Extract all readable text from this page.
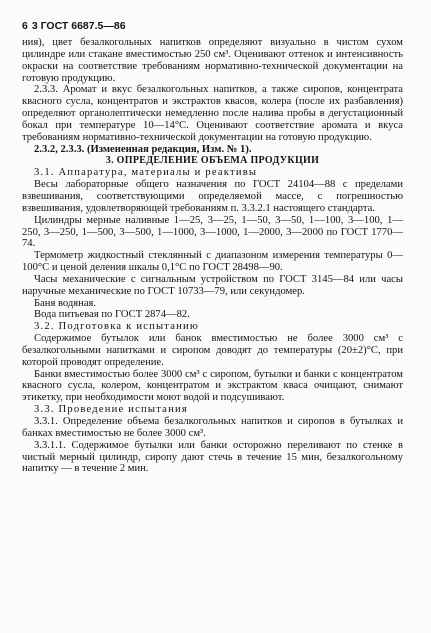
6 3 ГОСТ 6687.5—86

ния), цвет безалкогольных напитков определяют визуально в чистом сухом цилиндре или стакане вместимостью 250 см³. Оценивают оттенок и интенсивность окраски на соответствие требованиям нормативно-технической документации на готовую продукцию.

2.3.3. Аромат и вкус безалкогольных напитков, а также сиропов, концентрата квасного сусла, концентратов и экстрактов квасов, колера (после их разбавления) определяют органолептически немедленно после налива пробы в дегустационный бокал при температуре 10—14°С. Оценивают соответствие аромата и вкуса требованиям нормативно-технической документации на готовую продукцию.

2.3.2, 2.3.3. (Измененная редакция, Изм. № 1).

3. ОПРЕДЕЛЕНИЕ ОБЪЕМА ПРОДУКЦИИ

3.1. Аппаратура, материалы и реактивы

Весы лабораторные общего назначения по ГОСТ 24104—88 с пределами взвешивания, соответствующими определяемой массе, с погрешностью взвешивания, удовлетворяющей требованиям п. 3.3.2.1 настоящего стандарта.

Цилиндры мерные наливные 1—25, 3—25, 1—50, 3—50, 1—100, 3—100, 1—250, 3—250, 1—500, 3—500, 1—1000, 3—1000, 1—2000, 3—2000 по ГОСТ 1770—74.

Термометр жидкостный стеклянный с диапазоном измерения температуры 0—100°С и ценой деления шкалы 0,1°С по ГОСТ 28498—90.

Часы механические с сигнальным устройством по ГОСТ 3145—84 или часы наручные механические по ГОСТ 10733—79, или секундомер.

Баня водяная.

Вода питьевая по ГОСТ 2874—82.

3.2. Подготовка к испытанию

Содержимое бутылок или банок вместимостью не более 3000 см³ с безалкогольными напитками и сиропом доводят до температуры (20±2)°С, при которой проводят определение.

Банки вместимостью более 3000 см³ с сиропом, бутылки и банки с концентратом квасного сусла, колером, концентратом и экстрактом кваса очищают, снимают этикетку, при необходимости моют водой и подсушивают.

3.3. Проведение испытания

3.3.1. Определение объема безалкогольных напитков и сиропов в бутылках и банках вместимостью не более 3000 см³.

3.3.1.1. Содержимое бутылки или банки осторожно переливают по стенке в чистый мерный цилиндр, сиропу дают стечь в течение 15 мин, безалкогольному напитку — в течение 2 мин.
